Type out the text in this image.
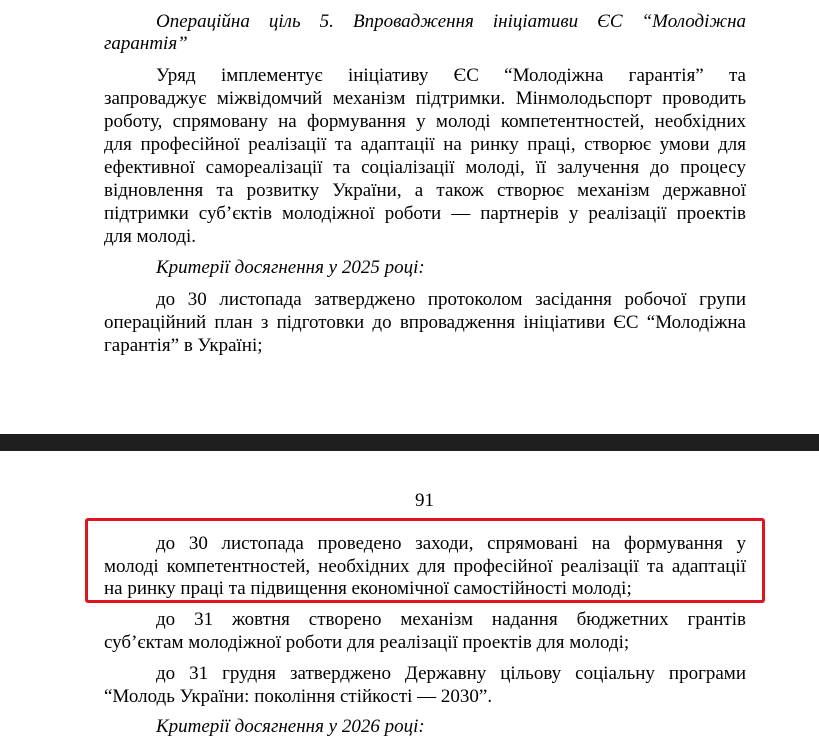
Операційна ціль 5. Впровадження ініціативи ЄС “Молодіжна
гарантія”
Уряд імплементує ініціативу ЄС “Молодіжна гарантія” та
запроваджує міжвідомчий механізм підтримки. Мінмолодьспорт проводить
роботу, спрямовану на формування у молоді компетентностей, необхідних
для професійної реалізації та адаптації на ринку праці, створює умови для
ефективної самореалізації та соціалізації молоді, її залучення до процесу
відновлення та розвитку України, а також створює механізм державної
підтримки суб’єктів молодіжної роботи — партнерів у реалізації проектів
для молоді.
Критерії досягнення у 2025 році:
до 30 листопада затверджено протоколом засідання робочої групи
операційний план з підготовки до впровадження ініціативи ЄС “Молодіжна
гарантія” в Україні;
91
до 30 листопада проведено заходи, спрямовані на формування у
молоді компетентностей, необхідних для професійної реалізації та адаптації
на ринку праці та підвищення економічної самостійності молоді;
до 31 жовтня створено механізм надання бюджетних грантів
суб’єктам молодіжної роботи для реалізації проектів для молоді;
до 31 грудня затверджено Державну цільову соціальну програми
“Молодь України: покоління стійкості — 2030”.
Критерії досягнення у 2026 році:
